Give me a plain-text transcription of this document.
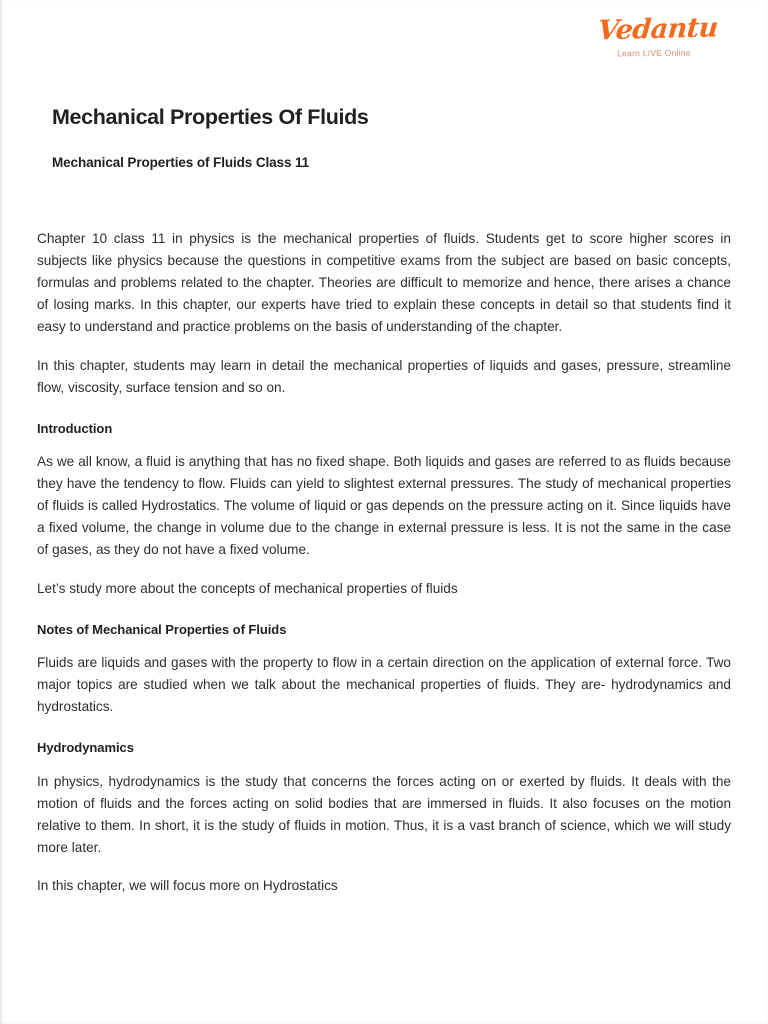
Vedantu
Learn LIVE Online
Mechanical Properties Of Fluids
Mechanical Properties of Fluids Class 11

Chapter 10 class 11 in physics is the mechanical properties of fluids. Students get to score higher scores in subjects like physics because the questions in competitive exams from the subject are based on basic concepts, formulas and problems related to the chapter. Theories are difficult to memorize and hence, there arises a chance of losing marks. In this chapter, our experts have tried to explain these concepts in detail so that students find it easy to understand and practice problems on the basis of understanding of the chapter.

In this chapter, students may learn in detail the mechanical properties of liquids and gases, pressure, streamline flow, viscosity, surface tension and so on.

Introduction

As we all know, a fluid is anything that has no fixed shape. Both liquids and gases are referred to as fluids because they have the tendency to flow. Fluids can yield to slightest external pressures. The study of mechanical properties of fluids is called Hydrostatics. The volume of liquid or gas depends on the pressure acting on it. Since liquids have a fixed volume, the change in volume due to the change in external pressure is less. It is not the same in the case of gases, as they do not have a fixed volume.

Let’s study more about the concepts of mechanical properties of fluids

Notes of Mechanical Properties of Fluids

Fluids are liquids and gases with the property to flow in a certain direction on the application of external force. Two major topics are studied when we talk about the mechanical properties of fluids. They are- hydrodynamics and hydrostatics.

Hydrodynamics

In physics, hydrodynamics is the study that concerns the forces acting on or exerted by fluids. It deals with the motion of fluids and the forces acting on solid bodies that are immersed in fluids. It also focuses on the motion relative to them. In short, it is the study of fluids in motion. Thus, it is a vast branch of science, which we will study more later.

In this chapter, we will focus more on Hydrostatics
